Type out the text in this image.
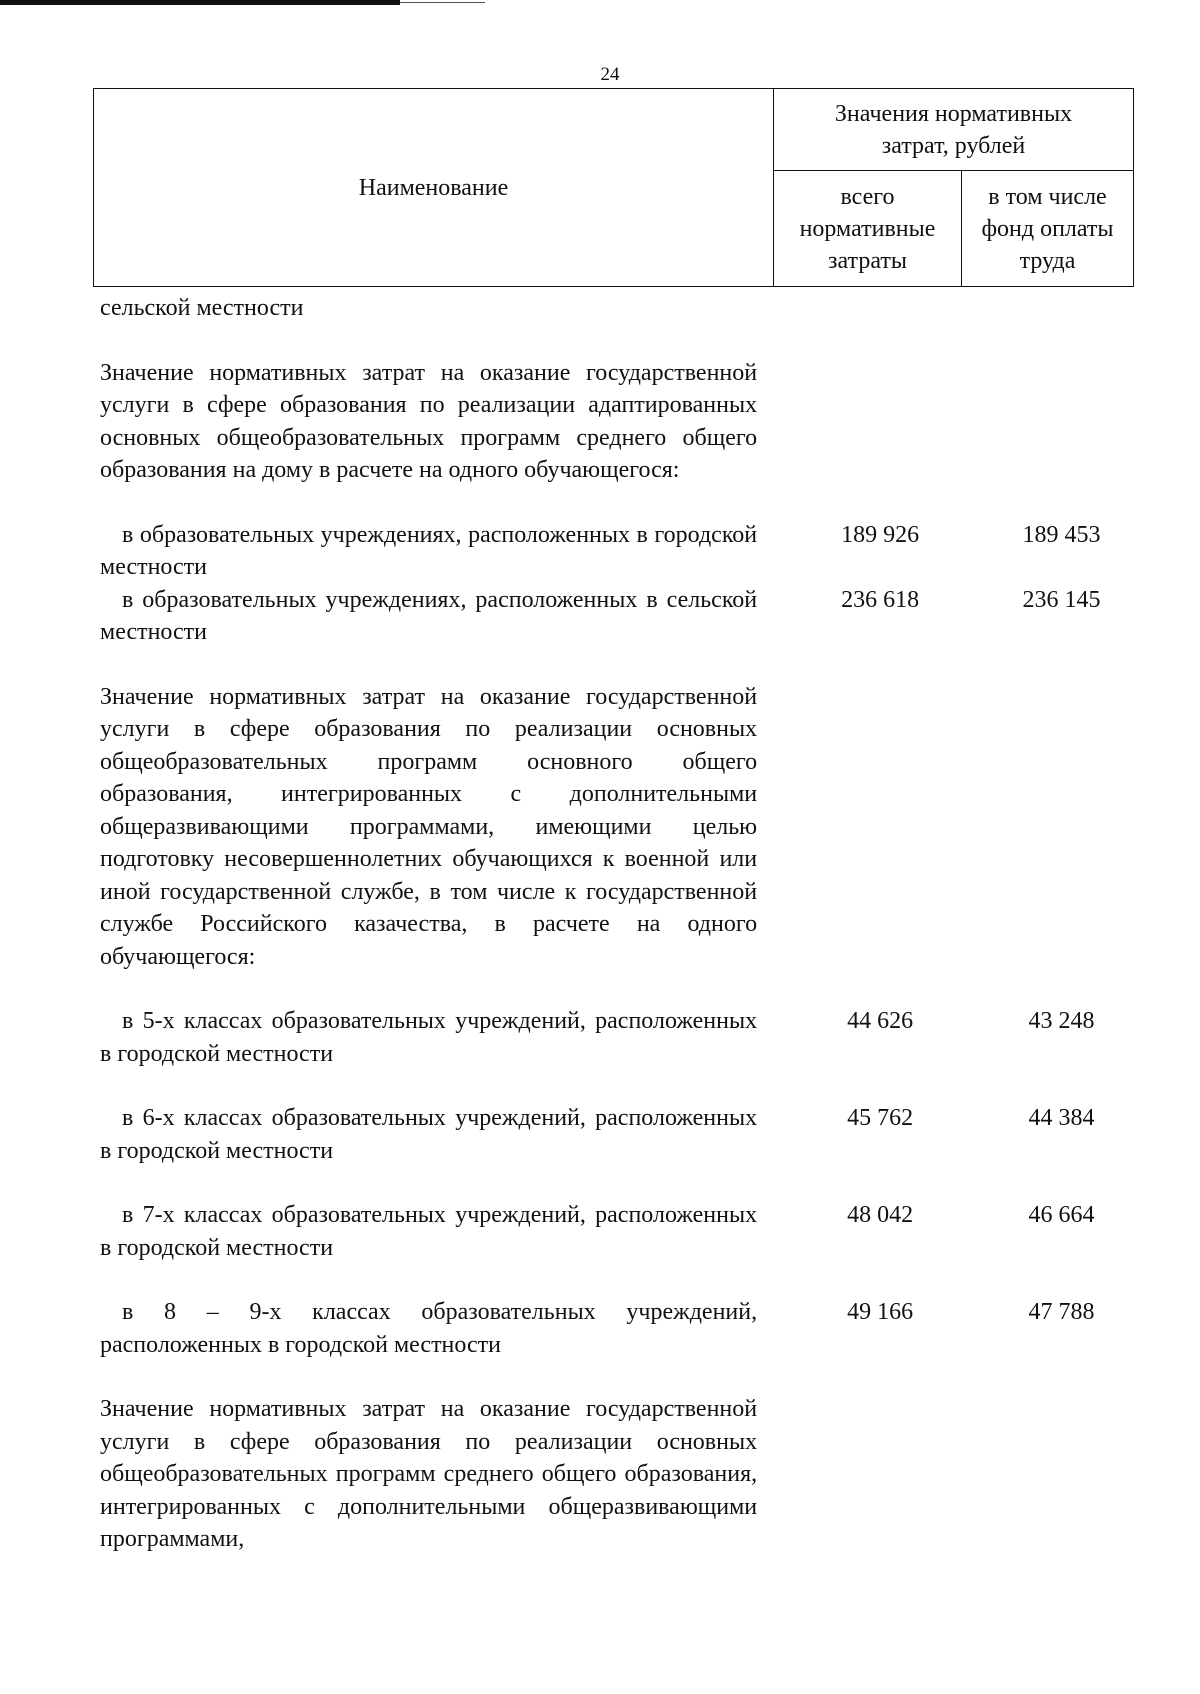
24
Наименование	Значения нормативных затрат, рублей	
	всего нормативные затраты	в том числе фонд оплаты труда
сельской местности
Значение нормативных затрат на оказание государственной услуги в сфере образования по реализации адаптированных основных общеобразовательных программ среднего общего образования на дому в расчете на одного обучающегося:
в образовательных учреждениях, расположенных в городской местности
189 926	189 453
в образовательных учреждениях, расположенных в сельской местности
236 618	236 145
Значение нормативных затрат на оказание государственной услуги в сфере образования по реализации основных общеобразовательных программ основного общего образования, интегрированных с дополнительными общеразвивающими программами, имеющими целью подготовку несовершеннолетних обучающихся к военной или иной государственной службе, в том числе к государственной службе Российского казачества, в расчете на одного обучающегося:
в 5-х классах образовательных учреждений, расположенных в городской местности
44 626	43 248
в 6-х классах образовательных учреждений, расположенных в городской местности
45 762	44 384
в 7-х классах образовательных учреждений, расположенных в городской местности
48 042	46 664
в 8 – 9-х классах образовательных учреждений, расположенных в городской местности
49 166	47 788
Значение нормативных затрат на оказание государственной услуги в сфере образования по реализации основных общеобразовательных программ среднего общего образования, интегрированных с дополнительными общеразвивающими программами,
